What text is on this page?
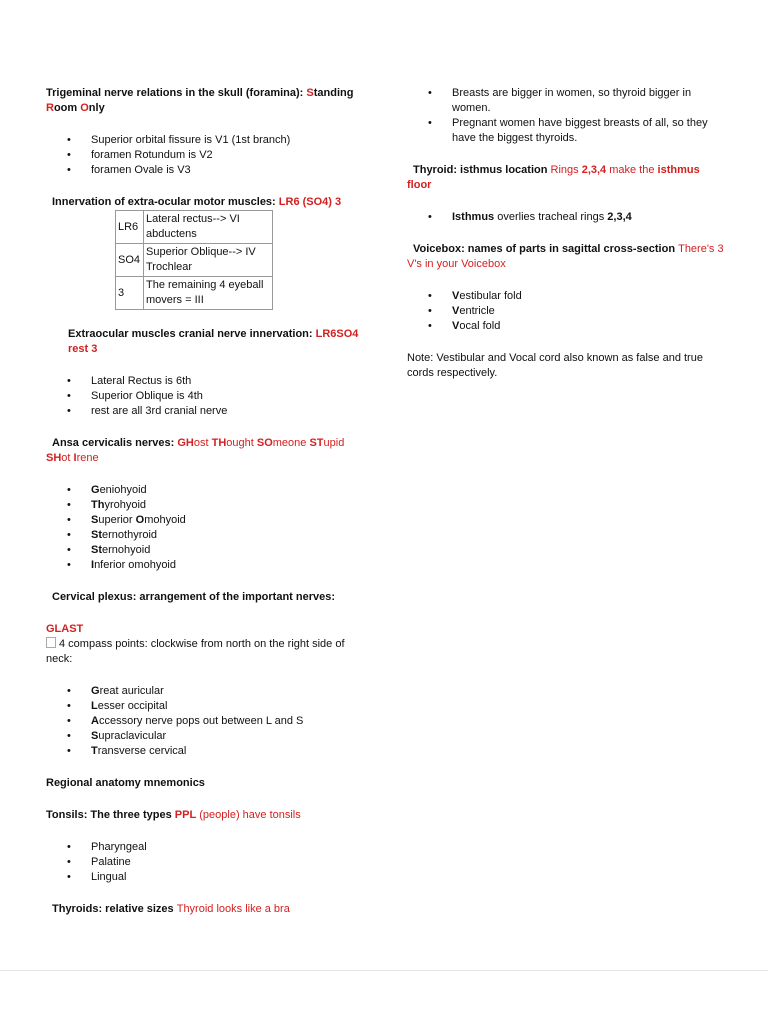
Trigeminal nerve relations in the skull (foramina): Standing Room Only

• Superior orbital fissure is V1 (1st branch)
• foramen Rotundum is V2
• foramen Ovale is V3

Innervation of extra-ocular motor muscles: LR6 (SO4) 3

LR6	Lateral rectus--> VI abductens
SO4	Superior Oblique--> IV Trochlear
3	The remaining 4 eyeball movers = III

Extraocular muscles cranial nerve innervation: LR6SO4 rest 3

• Lateral Rectus is 6th
• Superior Oblique is 4th
• rest are all 3rd cranial nerve

Ansa cervicalis nerves: GHost THought SOmeone STupid SHot Irene

• Geniohyoid
• Thyrohyoid
• Superior Omohyoid
• Sternothyroid
• Sternohyoid
• Inferior omohyoid

Cervical plexus: arrangement of the important nerves:

GLAST

4 compass points: clockwise from north on the right side of neck:

• Great auricular
• Lesser occipital
• Accessory nerve pops out between L and S
• Supraclavicular
• Transverse cervical

Regional anatomy mnemonics

Tonsils: The three types PPL (people) have tonsils

• Pharyngeal
• Palatine
• Lingual

Thyroids: relative sizes Thyroid looks like a bra

• Breasts are bigger in women, so thyroid bigger in women.
• Pregnant women have biggest breasts of all, so they have the biggest thyroids.

Thyroid: isthmus location Rings 2,3,4 make the isthmus floor

• Isthmus overlies tracheal rings 2,3,4

Voicebox: names of parts in sagittal cross-section There's 3 V's in your Voicebox

• Vestibular fold
• Ventricle
• Vocal fold

Note: Vestibular and Vocal cord also known as false and true cords respectively.
